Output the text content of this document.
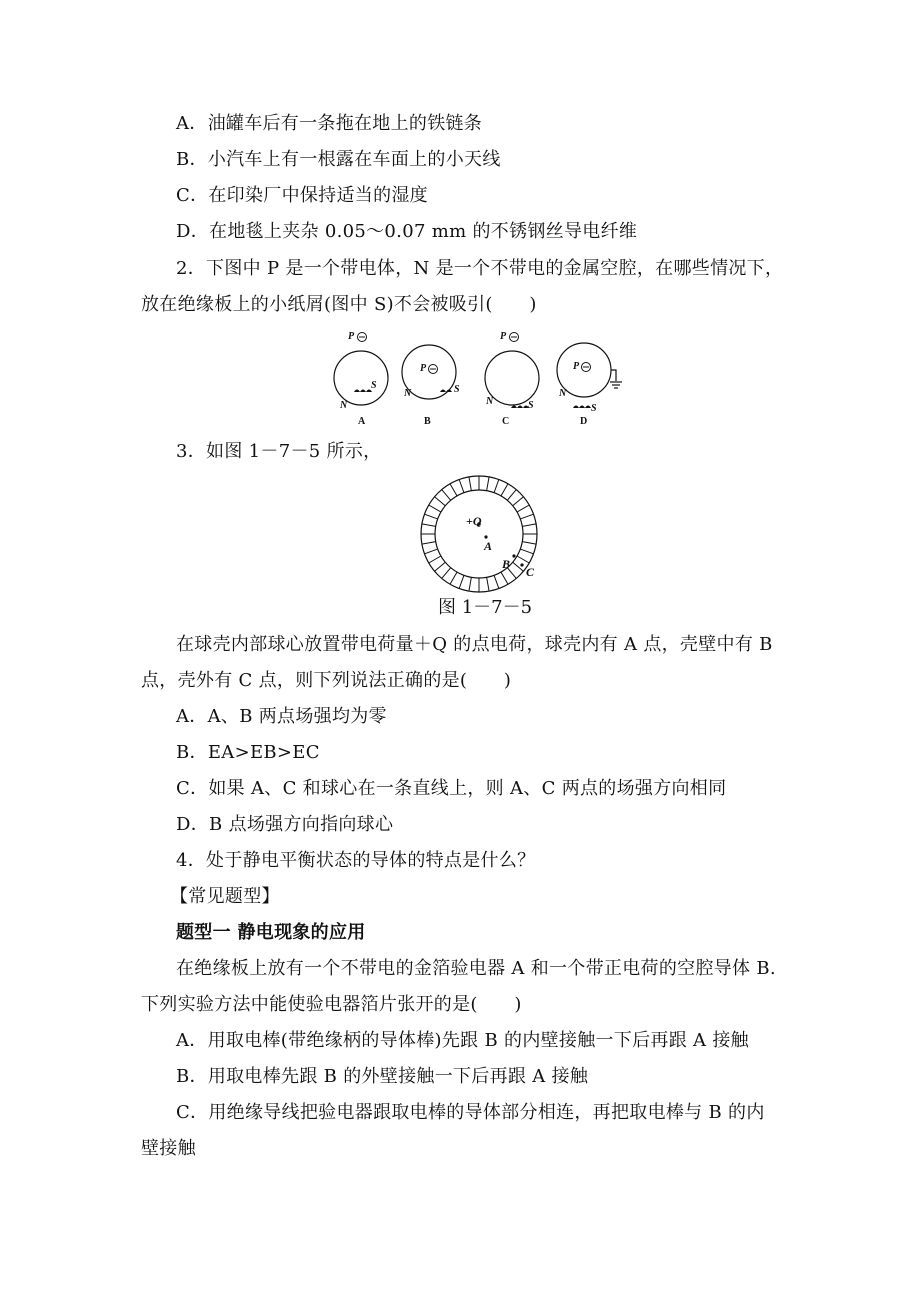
A．油罐车后有一条拖在地上的铁链条
B．小汽车上有一根露在车面上的小天线
C．在印染厂中保持适当的湿度
D．在地毯上夹杂 0.05～0.07 mm 的不锈钢丝导电纤维
2．下图中 P 是一个带电体，N 是一个不带电的金属空腔，在哪些情况下，
放在绝缘板上的小纸屑(图中 S)不会被吸引(　　)
P
S
N
A
P
S
N
B
P
S
N
C
P
S
N
D
3．如图 1－7－5 所示，
+Q
A
B
C
图 1－7－5
在球壳内部球心放置带电荷量＋Q 的点电荷，球壳内有 A 点，壳壁中有 B
点，壳外有 C 点，则下列说法正确的是(　　)
A．A、B 两点场强均为零
B．EA>EB>EC
C．如果 A、C 和球心在一条直线上，则 A、C 两点的场强方向相同
D．B 点场强方向指向球心
4．处于静电平衡状态的导体的特点是什么？
【常见题型】
题型一 静电现象的应用
在绝缘板上放有一个不带电的金箔验电器 A 和一个带正电荷的空腔导体 B.
下列实验方法中能使验电器箔片张开的是(　　)
A．用取电棒(带绝缘柄的导体棒)先跟 B 的内壁接触一下后再跟 A 接触
B．用取电棒先跟 B 的外壁接触一下后再跟 A 接触
C．用绝缘导线把验电器跟取电棒的导体部分相连，再把取电棒与 B 的内
壁接触
